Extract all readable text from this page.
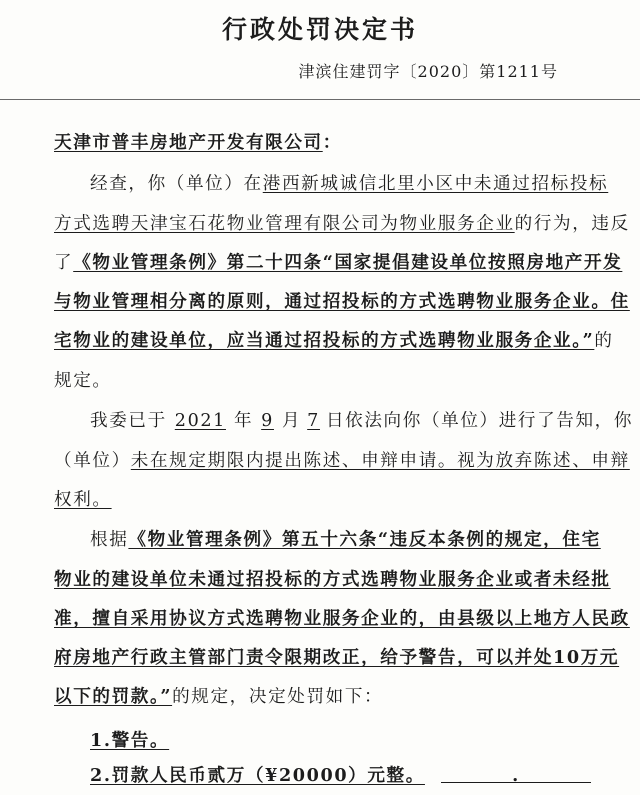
行政处罚决定书
津滨住建罚字〔2020〕第1211号
天津市普丰房地产开发有限公司：
经查，你（单位）在港西新城诚信北里小区中未通过招标投标
方式选聘天津宝石花物业管理有限公司为物业服务企业的行为，违反
了《物业管理条例》第二十四条“国家提倡建设单位按照房地产开发
与物业管理相分离的原则，通过招投标的方式选聘物业服务企业。住
宅物业的建设单位，应当通过招投标的方式选聘物业服务企业。”的
规定。
我委已于 2021 年 9 月 7 日依法向你（单位）进行了告知，你
（单位）未在规定期限内提出陈述、申辩申请。视为放弃陈述、申辩
权利。
根据《物业管理条例》第五十六条“违反本条例的规定，住宅
物业的建设单位未通过招投标的方式选聘物业服务企业或者未经批
准，擅自采用协议方式选聘物业服务企业的，由县级以上地方人民政
府房地产行政主管部门责令限期改正，给予警告，可以并处10万元
以下的罚款。”的规定，决定处罚如下：
1.警告。
2.罚款人民币贰万（¥20000）元整。	.
